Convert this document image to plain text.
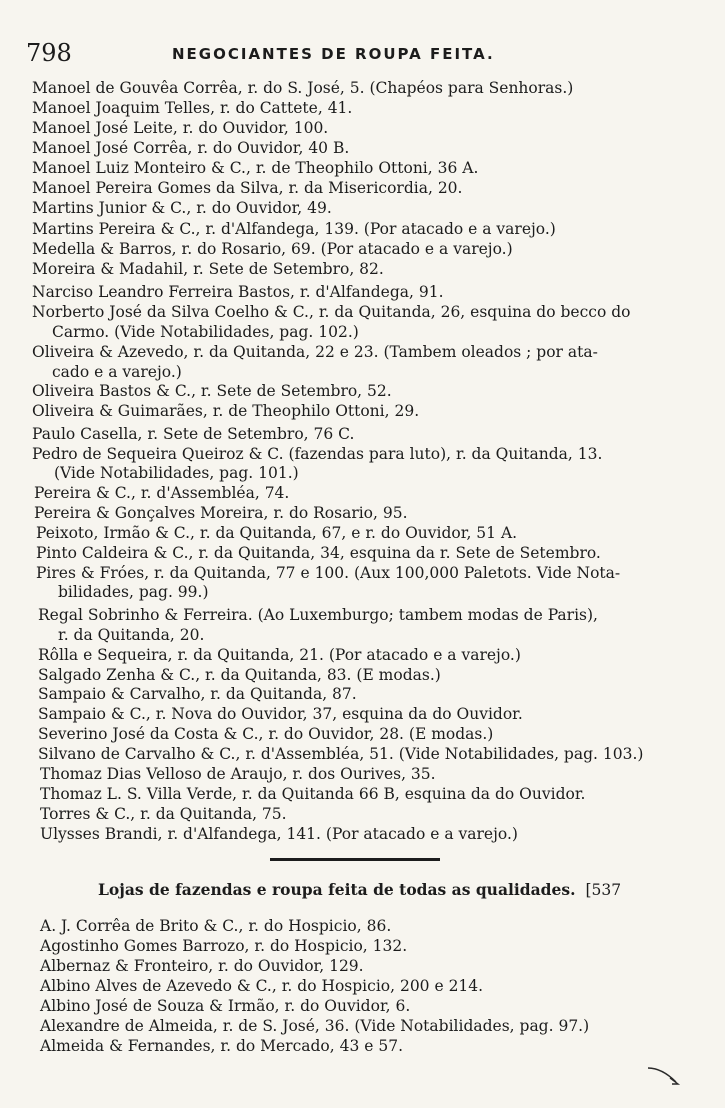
798	NEGOCIANTES DE ROUPA FEITA.
Manoel de Gouvêa Corrêa, r. do S. José, 5. (Chapéos para Senhoras.)
Manoel Joaquim Telles, r. do Cattete, 41.
Manoel José Leite, r. do Ouvidor, 100.
Manoel José Corrêa, r. do Ouvidor, 40 B.
Manoel Luiz Monteiro & C., r. de Theophilo Ottoni, 36 A.
Manoel Pereira Gomes da Silva, r. da Misericordia, 20.
Martins Junior & C., r. do Ouvidor, 49.
Martins Pereira & C., r. d'Alfandega, 139. (Por atacado e a varejo.)
Medella & Barros, r. do Rosario, 69. (Por atacado e a varejo.)
Moreira & Madahil, r. Sete de Setembro, 82.
Narciso Leandro Ferreira Bastos, r. d'Alfandega, 91.
Norberto José da Silva Coelho & C., r. da Quitanda, 26, esquina do becco do
Carmo. (Vide Notabilidades, pag. 102.)
Oliveira & Azevedo, r. da Quitanda, 22 e 23. (Tambem oleados ; por ata-
cado e a varejo.)
Oliveira Bastos & C., r. Sete de Setembro, 52.
Oliveira & Guimarães, r. de Theophilo Ottoni, 29.
Paulo Casella, r. Sete de Setembro, 76 C.
Pedro de Sequeira Queiroz & C. (fazendas para luto), r. da Quitanda, 13.
(Vide Notabilidades, pag. 101.)
Pereira & C., r. d'Assembléa, 74.
Pereira & Gonçalves Moreira, r. do Rosario, 95.
Peixoto, Irmão & C., r. da Quitanda, 67, e r. do Ouvidor, 51 A.
Pinto Caldeira & C., r. da Quitanda, 34, esquina da r. Sete de Setembro.
Pires & Fróes, r. da Quitanda, 77 e 100. (Aux 100,000 Paletots. Vide Nota-
bilidades, pag. 99.)
Regal Sobrinho & Ferreira. (Ao Luxemburgo; tambem modas de Paris),
r. da Quitanda, 20.
Rôlla e Sequeira, r. da Quitanda, 21. (Por atacado e a varejo.)
Salgado Zenha & C., r. da Quitanda, 83. (E modas.)
Sampaio & Carvalho, r. da Quitanda, 87.
Sampaio & C., r. Nova do Ouvidor, 37, esquina da do Ouvidor.
Severino José da Costa & C., r. do Ouvidor, 28. (E modas.)
Silvano de Carvalho & C., r. d'Assembléa, 51. (Vide Notabilidades, pag. 103.)
Thomaz Dias Velloso de Araujo, r. dos Ourives, 35.
Thomaz L. S. Villa Verde, r. da Quitanda 66 B, esquina da do Ouvidor.
Torres & C., r. da Quitanda, 75.
Ulysses Brandi, r. d'Alfandega, 141. (Por atacado e a varejo.)
Lojas de fazendas e roupa feita de todas as qualidades. [537
A. J. Corrêa de Brito & C., r. do Hospicio, 86.
Agostinho Gomes Barrozo, r. do Hospicio, 132.
Albernaz & Fronteiro, r. do Ouvidor, 129.
Albino Alves de Azevedo & C., r. do Hospicio, 200 e 214.
Albino José de Souza & Irmão, r. do Ouvidor, 6.
Alexandre de Almeida, r. de S. José, 36. (Vide Notabilidades, pag. 97.)
Almeida & Fernandes, r. do Mercado, 43 e 57.
